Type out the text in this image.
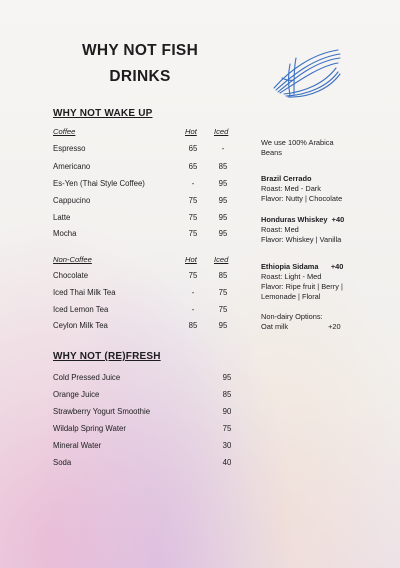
WHY NOT FISH
DRINKS
WHY NOT WAKE UP
Coffee	Hot Iced
Espresso	65	-
Americano	65	85
Es-Yen (Thai Style Coffee)	-	95
Cappucino	75	95
Latte	75	95
Mocha	75	95
Non-Coffee	Hot Iced
Chocolate	75	85
Iced Thai Milk Tea	-	75
Iced Lemon Tea	-	75
Ceylon Milk Tea	85	95
We use 100% Arabica
Beans
Brazil Cerrado
Roast: Med - Dark
Flavor: Nutty | Chocolate
Honduras Whiskey +40
Roast: Med
Flavor: Whiskey | Vanilla
Ethiopia Sidama +40
Roast: Light - Med
Flavor: Ripe fruit | Berry |
Lemonade | Floral
Non-dairy Options:
Oat milk	+20
WHY NOT (RE)FRESH
Cold Pressed Juice	95
Orange Juice	85
Strawberry Yogurt Smoothie	90
Wildalp Spring Water	75
Mineral Water	30
Soda	40
